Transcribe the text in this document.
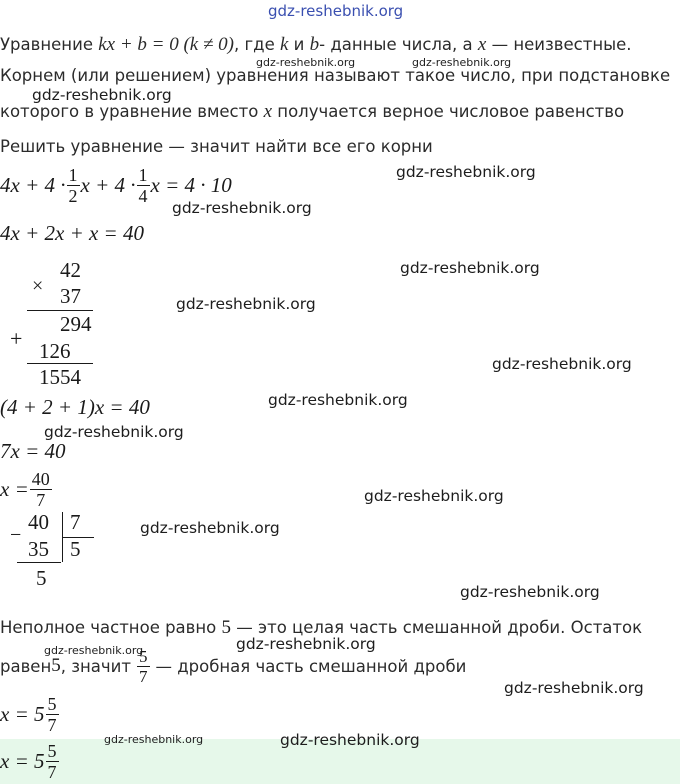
gdz-reshebnik.org
Уравнение kx + b = 0 (k ≠ 0), где k и b- данные числа, а x — неизвестные.
gdz-reshebnik.org	gdz-reshebnik.org
Корнем (или решением) уравнения называют такое число, при подстановке
gdz-reshebnik.org
которого в уравнение вместо x получается верное числовое равенство
Решить уравнение — значит найти все его корни
$4x + 4 \cdot \frac{1}{2}$ $x + 4 \cdot \frac{1}{4}$ x = 4 · 10
gdz-reshebnik.org
gdz-reshebnik.org
4x + 2x + x = 40
×
42
37
294
+ 126
1554
gdz-reshebnik.org
gdz-reshebnik.org
gdz-reshebnik.org
(4 + 2 + 1)x = 40	gdz-reshebnik.org
gdz-reshebnik.org
7x = 40
$x = \frac{40}{7}$	gdz-reshebnik.org
−
40 7
35 5
5
gdz-reshebnik.org
gdz-reshebnik.org
Неполное частное равно 5 — это целая часть смешанной дроби. Остаток
gdz-reshebnik.org
gdz-reshebnik.org
равен 5 , значит $\frac{5}{7}$ — дробная часть смешанной дроби
gdz-reshebnik.org
$x = 5 \frac{5}{7}$
$x = 5 \frac{5}{7}$
gdz-reshebnik.org	gdz-reshebnik.org
